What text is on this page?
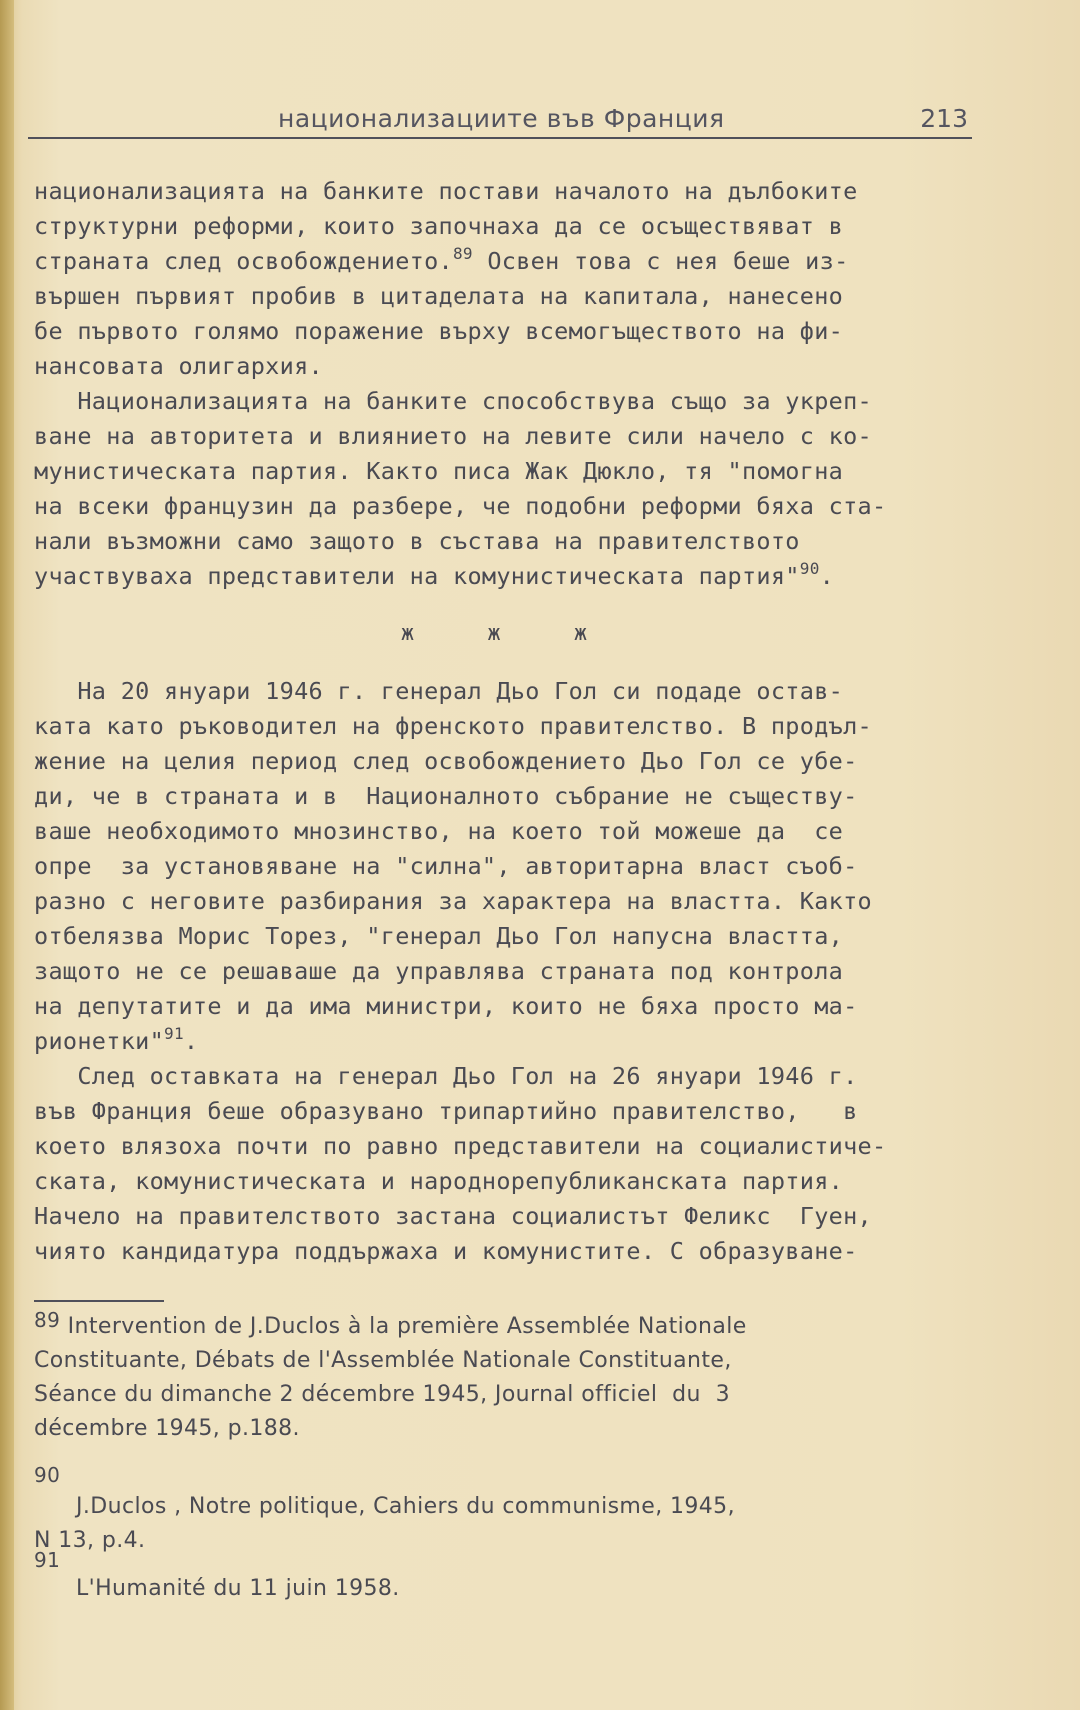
национализациите във Франция	213
национализацията на банките постави началото на дълбоките
структурни реформи, които започнаха да се осъществяват в
страната след освобождението.$^{89}$ Освен това с нея беше из-
вършен първият пробив в цитаделата на капитала, нанесено
бе първото голямо поражение върху всемогъществото на фи-
нансовата олигархия.
Национализацията на банките способствува също за укреп-
ване на авторитета и влиянието на левите сили начело с ко-
мунистическата партия. Както писа Жак Дюкло, тя "помогна
на всеки французин да разбере, че подобни реформи бяха ста-
нали възможни само защото в състава на правителството
участвуваха представители на комунистическата партия"$^{90}$.
ж ж ж
На 20 януари 1946 г. генерал Дьо Гол си подаде остав-
ката като ръководител на френското правителство. В продъл-
жение на целия период след освобождението Дьо Гол се убе-
ди, че в страната и в  Националното събрание не съществу-
ваше необходимото мнозинство, на което той можеше да  се
опре  за установяване на "силна", авторитарна власт съоб-
разно с неговите разбирания за характера на властта. Както
отбелязва Морис Торез, "генерал Дьо Гол напусна властта,
защото не се решаваше да управлява страната под контрола
на депутатите и да има министри, които не бяха просто ма-
рионетки"$^{91}$.
След оставката на генерал Дьо Гол на 26 януари 1946 г.
във Франция беше образувано трипартийно правителство,   в
което влязоха почти по равно представители на социалистиче-
ската, комунистическата и народнорепубликанската партия.
Начело на правителството застана социалистът Феликс  Гуен,
чиято кандидатура поддържаха и комунистите. С образуване-
$^{89}$ Intervention de J.Duclos à la première Assemblée Nationale
Constituante, Débats de l'Assemblée Nationale Constituante,
Séance du dimanche 2 décembre 1945, Journal officiel  du  3
décembre 1945, p.188.
90
J.Duclos , Notre politique, Cahiers du communisme, 1945,
N 13, p.4.
91
L'Humanité du 11 juin 1958.
